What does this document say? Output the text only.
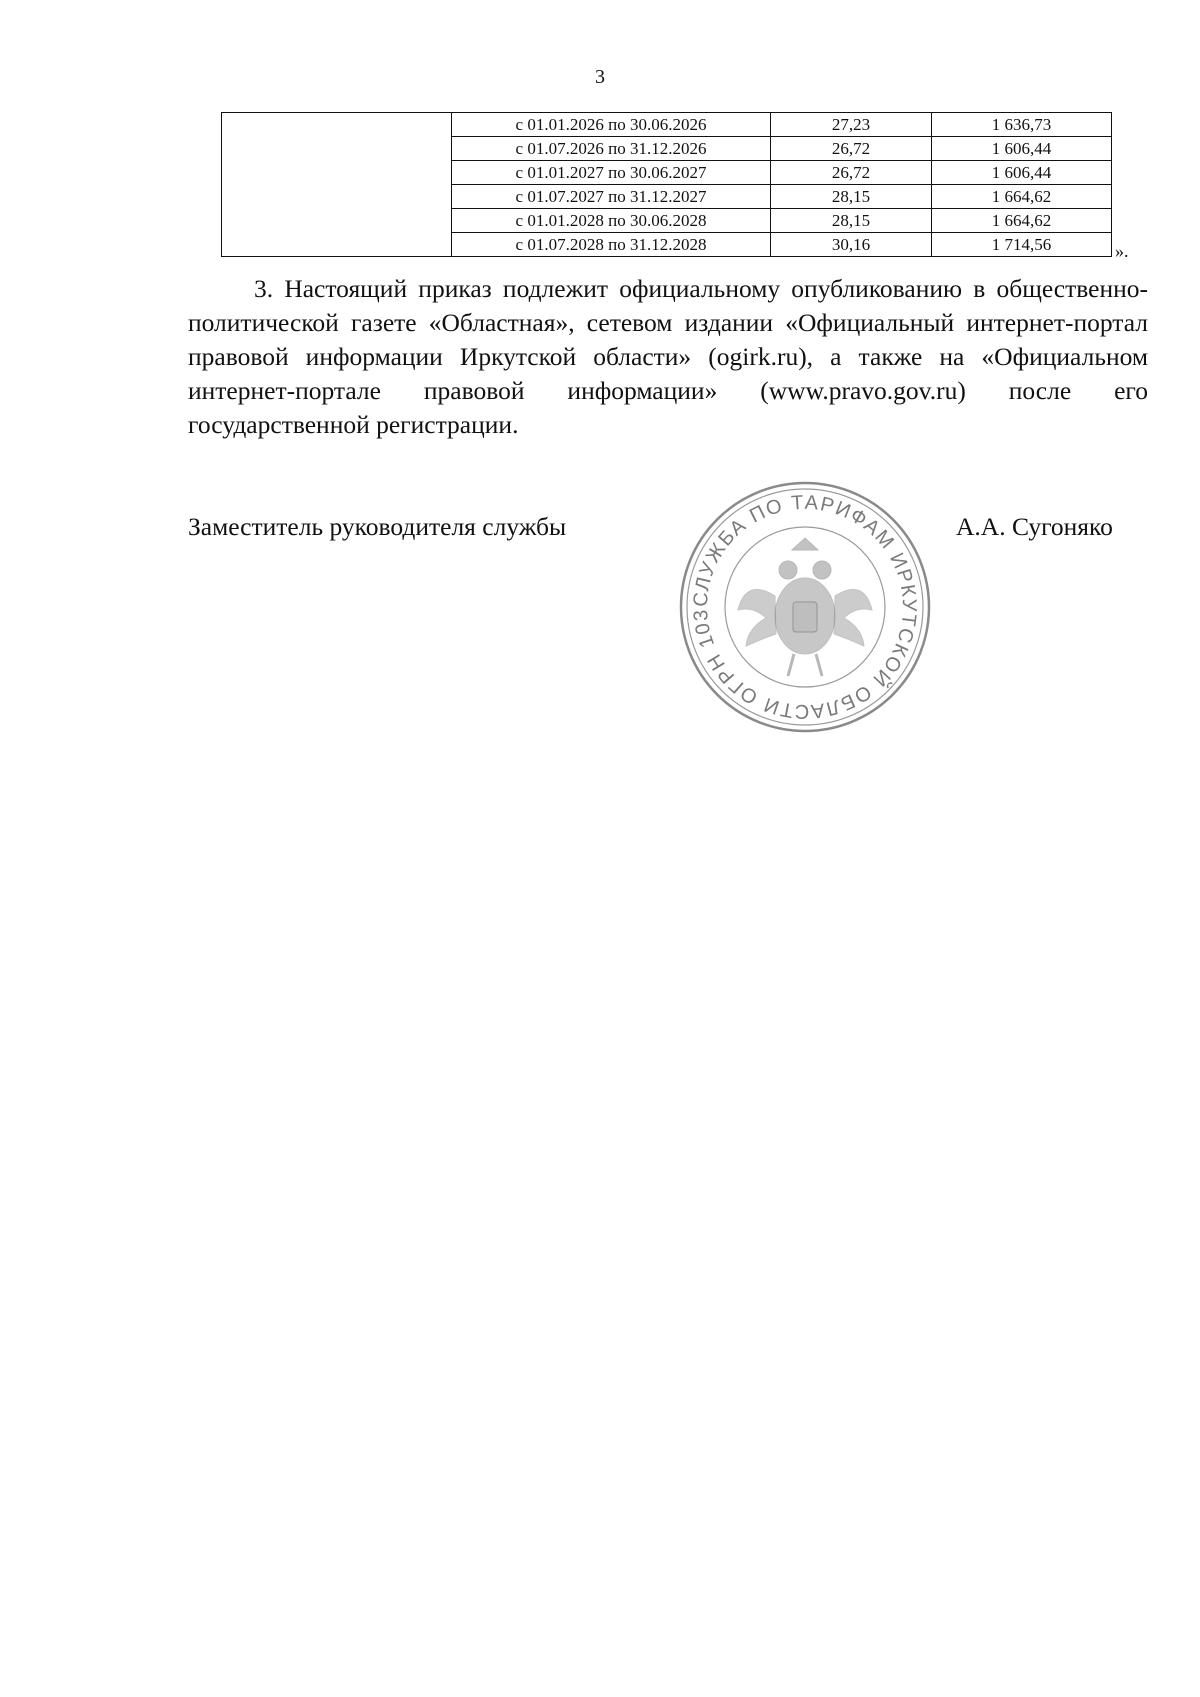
3
	с 01.01.2026 по 30.06.2026	27,23	1 636,73
	с 01.07.2026 по 31.12.2026	26,72	1 606,44
	с 01.01.2027 по 30.06.2027	26,72	1 606,44
	с 01.07.2027 по 31.12.2027	28,15	1 664,62
	с 01.01.2028 по 30.06.2028	28,15	1 664,62
	с 01.07.2028 по 31.12.2028	30,16	1 714,56	».

3. Настоящий приказ подлежит официальному опубликованию в общественно-политической газете «Областная», сетевом издании «Официальный интернет-портал правовой информации Иркутской области» (ogirk.ru), а также на «Официальном интернет-портале правовой информации» (www.pravo.gov.ru) после его государственной регистрации.

Заместитель руководителя службы
СЛУЖБА ПО ТАРИФАМ ИРКУТСКОЙ ОБЛАСТИ ОГРН 103
А.А. Сугоняко
